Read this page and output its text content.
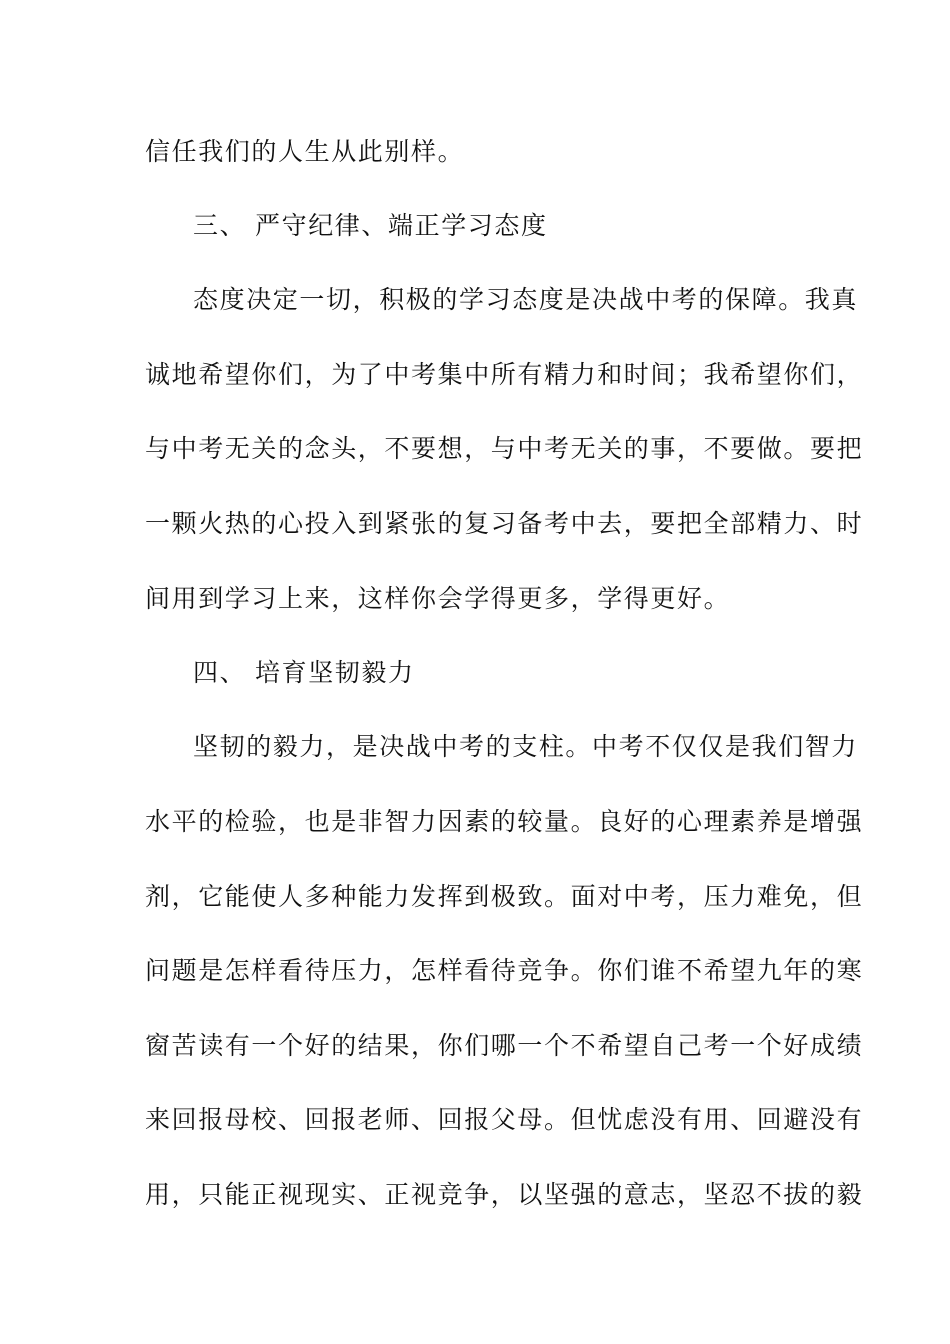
信任我们的人生从此别样。
三、 严守纪律、端正学习态度
态度决定一切，积极的学习态度是决战中考的保障。我真
诚地希望你们，为了中考集中所有精力和时间；我希望你们，
与中考无关的念头，不要想，与中考无关的事，不要做。要把
一颗火热的心投入到紧张的复习备考中去，要把全部精力、时
间用到学习上来，这样你会学得更多，学得更好。
四、 培育坚韧毅力
坚韧的毅力，是决战中考的支柱。中考不仅仅是我们智力
水平的检验，也是非智力因素的较量。良好的心理素养是增强
剂，它能使人多种能力发挥到极致。面对中考，压力难免，但
问题是怎样看待压力，怎样看待竞争。你们谁不希望九年的寒
窗苦读有一个好的结果，你们哪一个不希望自己考一个好成绩
来回报母校、回报老师、回报父母。但忧虑没有用、回避没有
用，只能正视现实、正视竞争，以坚强的意志，坚忍不拔的毅
